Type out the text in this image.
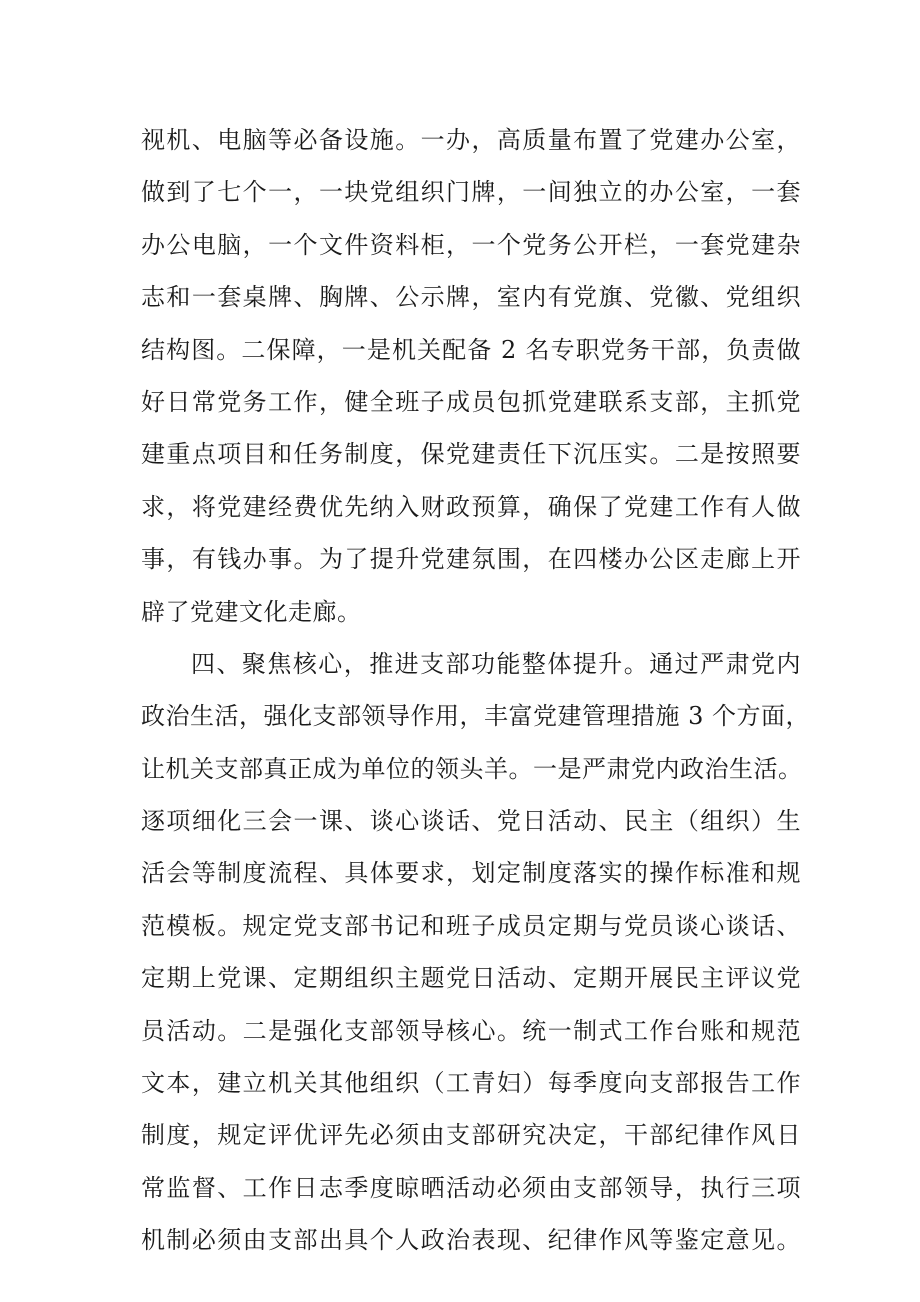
视机、电脑等必备设施。一办，高质量布置了党建办公室，
做到了七个一，一块党组织门牌，一间独立的办公室，一套
办公电脑，一个文件资料柜，一个党务公开栏，一套党建杂
志和一套桌牌、胸牌、公示牌，室内有党旗、党徽、党组织
结构图。二保障，一是机关配备 2 名专职党务干部，负责做
好日常党务工作，健全班子成员包抓党建联系支部，主抓党
建重点项目和任务制度，保党建责任下沉压实。二是按照要
求，将党建经费优先纳入财政预算，确保了党建工作有人做
事，有钱办事。为了提升党建氛围，在四楼办公区走廊上开
辟了党建文化走廊。
四、聚焦核心，推进支部功能整体提升。通过严肃党内
政治生活，强化支部领导作用，丰富党建管理措施 3 个方面，
让机关支部真正成为单位的领头羊。一是严肃党内政治生活。
逐项细化三会一课、谈心谈话、党日活动、民主（组织）生
活会等制度流程、具体要求，划定制度落实的操作标准和规
范模板。规定党支部书记和班子成员定期与党员谈心谈话、
定期上党课、定期组织主题党日活动、定期开展民主评议党
员活动。二是强化支部领导核心。统一制式工作台账和规范
文本，建立机关其他组织（工青妇）每季度向支部报告工作
制度，规定评优评先必须由支部研究决定，干部纪律作风日
常监督、工作日志季度晾晒活动必须由支部领导，执行三项
机制必须由支部出具个人政治表现、纪律作风等鉴定意见。
